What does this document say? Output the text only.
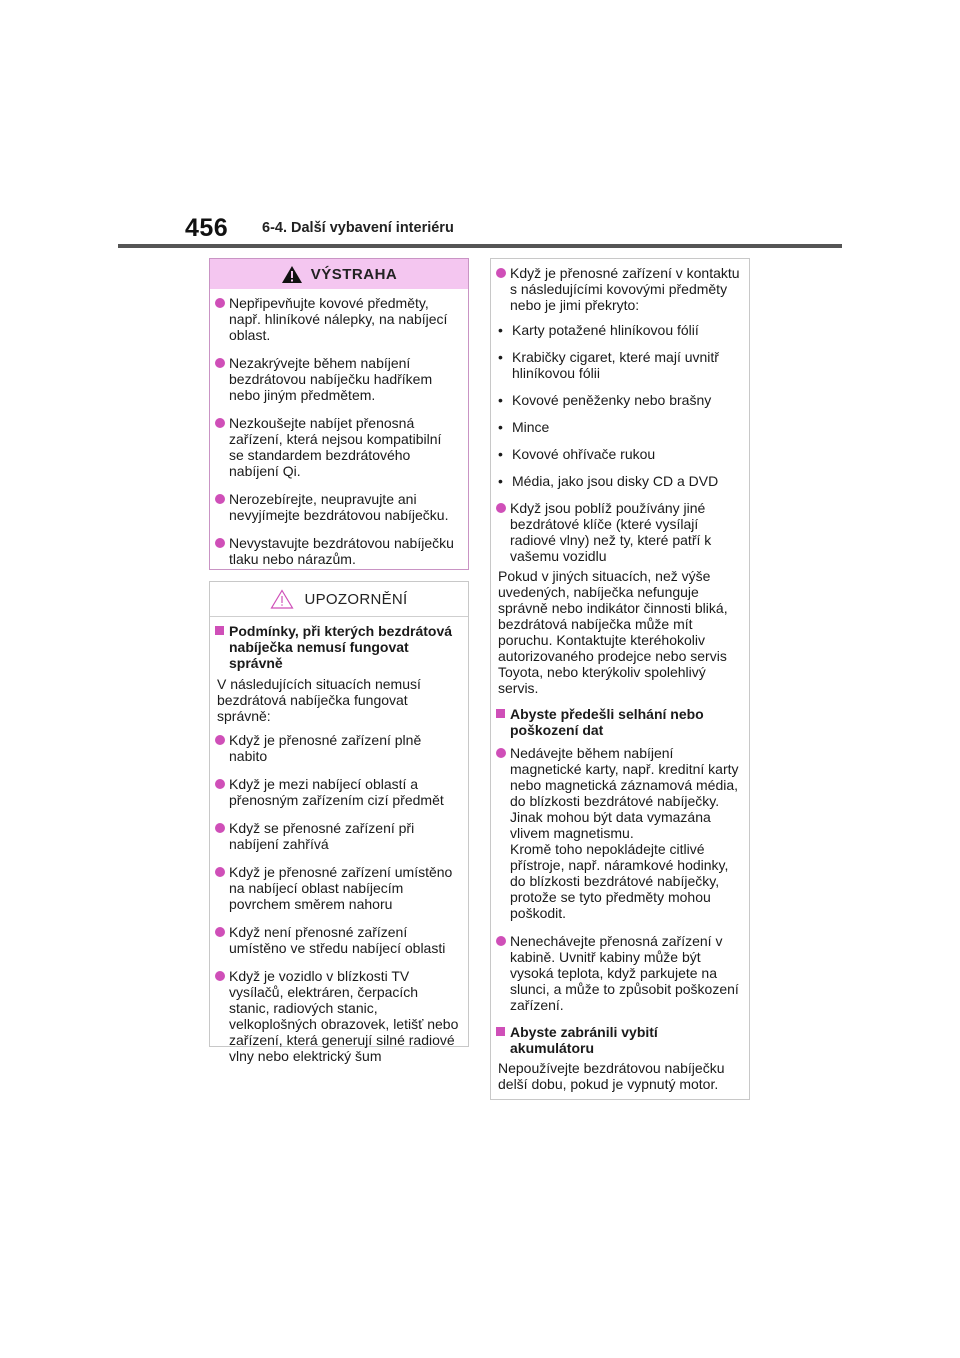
456 6-4. Další vybavení interiéru
VÝSTRAHA
Nepřipevňujte kovové předměty, např. hliníkové nálepky, na nabíjecí oblast.
Nezakrývejte během nabíjení bezdrátovou nabíječku hadříkem nebo jiným předmětem.
Nezkoušejte nabíjet přenosná zařízení, která nejsou kompatibilní se standardem bezdrátového nabíjení Qi.
Nerozebírejte, neupravujte ani nevyjímejte bezdrátovou nabíječku.
Nevystavujte bezdrátovou nabíječku tlaku nebo nárazům.
UPOZORNĚNÍ
Podmínky, při kterých bezdrátová nabíječka nemusí fungovat správně
V následujících situacích nemusí bezdrátová nabíječka fungovat správně:
Když je přenosné zařízení plně nabito
Když je mezi nabíjecí oblastí a přenosným zařízením cizí předmět
Když se přenosné zařízení při nabíjení zahřívá
Když je přenosné zařízení umístěno na nabíjecí oblast nabíjecím povrchem směrem nahoru
Když není přenosné zařízení umístěno ve středu nabíjecí oblasti
Když je vozidlo v blízkosti TV vysílačů, elektráren, čerpacích stanic, radiových stanic, velkoplošných obrazovek, letišť nebo zařízení, která generují silné radiové vlny nebo elektrický šum
Když je přenosné zařízení v kontaktu s následujícími kovovými předměty nebo je jimi překryto:
• Karty potažené hliníkovou fólií
• Krabičky cigaret, které mají uvnitř hliníkovou fólii
• Kovové peněženky nebo brašny
• Mince
• Kovové ohřívače rukou
• Média, jako jsou disky CD a DVD
Když jsou poblíž používány jiné bezdrátové klíče (které vysílají radiové vlny) než ty, které patří k vašemu vozidlu
Pokud v jiných situacích, než výše uvedených, nabíječka nefunguje správně nebo indikátor činnosti bliká, bezdrátová nabíječka může mít poruchu. Kontaktujte kteréhokoliv autorizovaného prodejce nebo servis Toyota, nebo kterýkoliv spolehlivý servis.
Abyste předešli selhání nebo poškození dat
Nedávejte během nabíjení magnetické karty, např. kreditní karty nebo magnetická záznamová média, do blízkosti bezdrátové nabíječky. Jinak mohou být data vymazána vlivem magnetismu.
Kromě toho nepokládejte citlivé přístroje, např. náramkové hodinky, do blízkosti bezdrátové nabíječky, protože se tyto předměty mohou poškodit.
Nenechávejte přenosná zařízení v kabině. Uvnitř kabiny může být vysoká teplota, když parkujete na slunci, a může to způsobit poškození zařízení.
Abyste zabránili vybití akumulátoru
Nepoužívejte bezdrátovou nabíječku delší dobu, pokud je vypnutý motor.
